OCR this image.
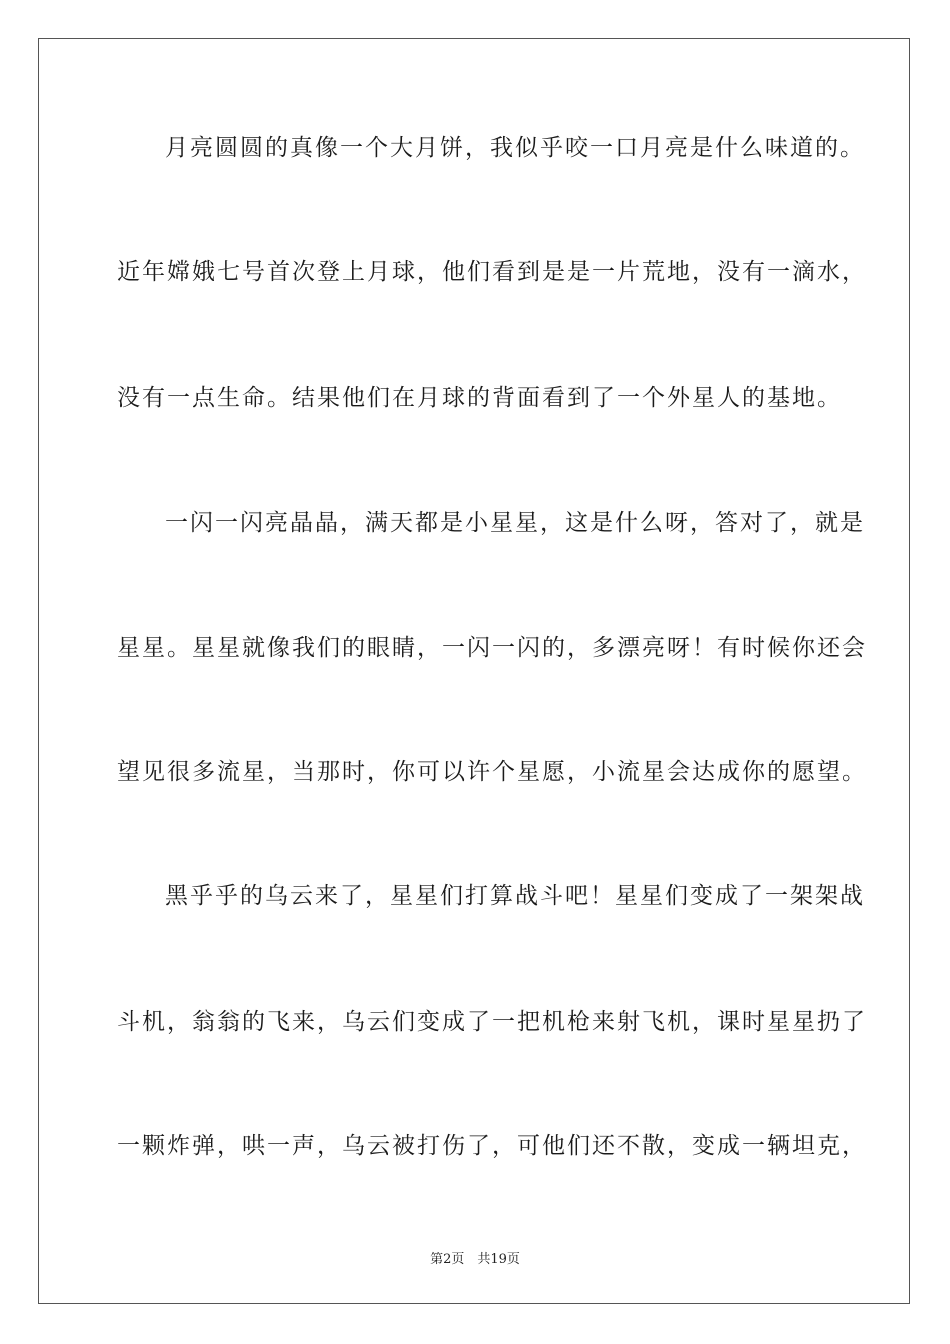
月亮圆圆的真像一个大月饼，我似乎咬一口月亮是什么味道的。
近年嫦娥七号首次登上月球，他们看到是是一片荒地，没有一滴水，
没有一点生命。结果他们在月球的背面看到了一个外星人的基地。
一闪一闪亮晶晶，满天都是小星星，这是什么呀，答对了，就是
星星。星星就像我们的眼睛，一闪一闪的，多漂亮呀！有时候你还会
望见很多流星，当那时，你可以许个星愿，小流星会达成你的愿望。
黑乎乎的乌云来了，星星们打算战斗吧！星星们变成了一架架战
斗机，翁翁的飞来，乌云们变成了一把机枪来射飞机，课时星星扔了
一颗炸弹，哄一声，乌云被打伤了，可他们还不散，变成一辆坦克，
第2页　共19页
